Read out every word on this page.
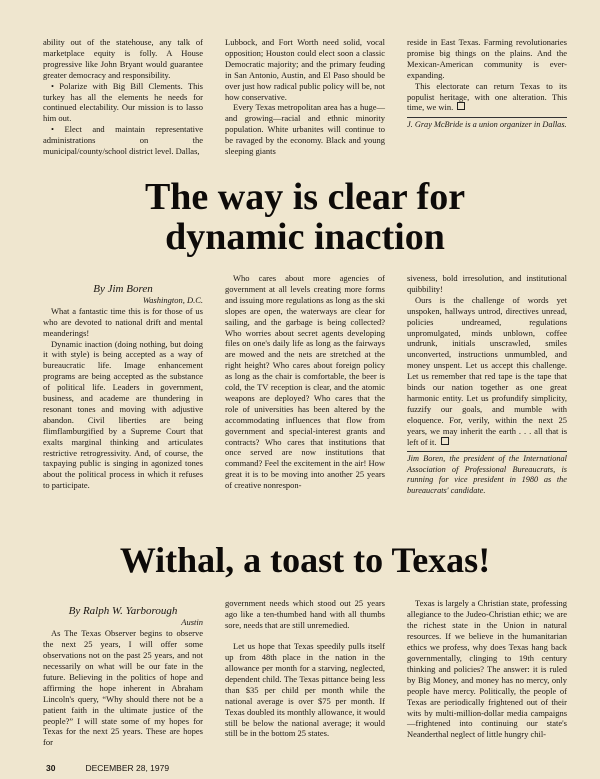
ability out of the statehouse, any talk of marketplace equity is folly. A House progressive like John Bryant would guarantee greater democracy and responsibility.

• Polarize with Big Bill Clements. This turkey has all the elements he needs for continued electability. Our mission is to lasso him out.

• Elect and maintain representative administrations on the municipal/county/school district level. Dallas,

Lubbock, and Fort Worth need solid, vocal opposition; Houston could elect soon a classic Democratic majority; and the primary feuding in San Antonio, Austin, and El Paso should be over just how radical public policy will be, not how conservative.

Every Texas metropolitan area has a huge—and growing—racial and ethnic minority population. White urbanites will continue to be ravaged by the economy. Black and young sleeping giants

reside in East Texas. Farming revolutionaries promise big things on the plains. And the Mexican-American community is ever-expanding.

This electorate can return Texas to its populist heritage, with one alteration. This time, we win.

J. Gray McBride is a union organizer in Dallas.

The way is clear for
dynamic inaction

By Jim Boren

Washington, D.C.

What a fantastic time this is for those of us who are devoted to national drift and mental meanderings!

Dynamic inaction (doing nothing, but doing it with style) is being accepted as a way of bureaucratic life. Image enhancement programs are being accepted as the substance of political life. Leaders in government, business, and academe are thundering in resonant tones and moving with adjustive abandon. Civil liberties are being flimflamburgified by a Supreme Court that exalts marginal thinking and articulates restrictive retrogressivity. And, of course, the taxpaying public is singing in agonized tones about the political process in which it refuses to participate.

Who cares about more agencies of government at all levels creating more forms and issuing more regulations as long as the ski slopes are open, the waterways are clear for sailing, and the garbage is being collected? Who worries about secret agents developing files on one's daily life as long as the fairways are mowed and the nets are stretched at the right height? Who cares about foreign policy as long as the chair is comfortable, the beer is cold, the TV reception is clear, and the atomic weapons are deployed? Who cares that the role of universities has been altered by the accommodating influences that flow from government and special-interest grants and contracts? Who cares that institutions that once served are now institutions that command? Feel the excitement in the air! How great it is to be moving into another 25 years of creative nonrespon-

siveness, bold irresolution, and institutional quibbility!

Ours is the challenge of words yet unspoken, hallways untrod, directives unread, policies undreamed, regulations unpromulgated, minds unblown, coffee undrunk, initials unscrawled, smiles unconverted, instructions unmumbled, and money unspent. Let us accept this challenge. Let us remember that red tape is the tape that binds our nation together as one great harmonic entity. Let us profundify simplicity, fuzzify our goals, and mumble with eloquence. For, verily, within the next 25 years, we may inherit the earth . . . all that is left of it.

Jim Boren, the president of the International Association of Professional Bureaucrats, is running for vice president in 1980 as the bureaucrats' candidate.

Withal, a toast to Texas!

By Ralph W. Yarborough

Austin

As The Texas Observer begins to observe the next 25 years, I will offer some observations not on the past 25 years, and not necessarily on what will be our fate in the future. Believing in the politics of hope and affirming the hope inherent in Abraham Lincoln's query, “Why should there not be a patient faith in the ultimate justice of the people?” I will state some of my hopes for Texas for the next 25 years. These are hopes for

government needs which stood out 25 years ago like a ten-thumbed hand with all thumbs sore, needs that are still unremedied.

Let us hope that Texas speedily pulls itself up from 48th place in the nation in the allowance per month for a starving, neglected, dependent child. The Texas pittance being less than $35 per child per month while the national average is over $75 per month. If Texas doubled its monthly allowance, it would still be below the national average; it would still be in the bottom 25 states.

Texas is largely a Christian state, professing allegiance to the Judeo-Christian ethic; we are the richest state in the Union in natural resources. If we believe in the humanitarian ethics we profess, why does Texas hang back governmentally, clinging to 19th century thinking and policies? The answer: it is ruled by Big Money, and money has no mercy, only people have mercy. Politically, the people of Texas are periodically frightened out of their wits by multi-million-dollar media campaigns—frightened into continuing our state's Neanderthal neglect of little hungry chil-

30	DECEMBER 28, 1979
